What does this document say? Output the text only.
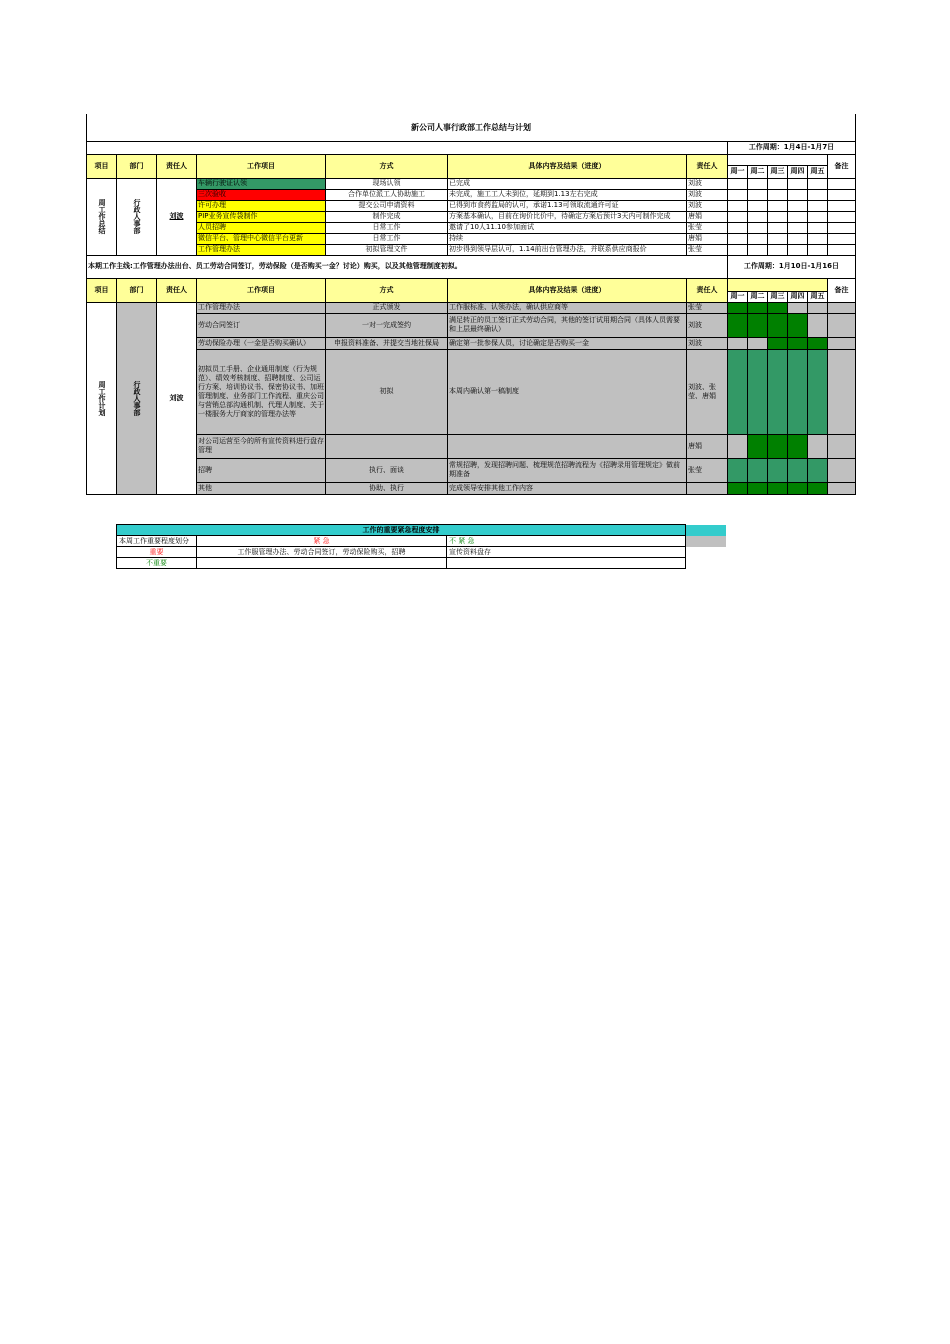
新公司人事行政部工作总结与计划												
							工作周期：1月4日-1月7日					
项目	部门	责任人	工作项目	方式	具体内容及结果（进度）	责任人						备注
							周一	周二	周三	周四	周五	

周工作总结	行政人事部	刘波	车辆行驶证认领	现场认领	已完成	刘波						
			三次验收	合作单位派工人协助施工	未完成，施工工人未到位，延期到1.13左右完成	刘波						
			许可办理	提交公司申请资料	已得到市食药监局的认可，承诺1.13可领取流通许可证	刘波						
			PIP业务宣传袋制作	制作完成	方案基本确认，目前在询价比价中，待确定方案后预计3天内可制作完成	唐娟						
			人员招聘	日常工作	邀请了10人11.10参加面试	张莹						
			微信平台、管理中心微信平台更新	日常工作	持续	唐娟						
			工作管理办法	初拟管理文件	初步得到领导层认可，1.14前出台管理办法，并联系供应商报价	张莹						
本期工作主线:工作管理办法出台、员工劳动合同签订，劳动保险（是否购买一金？讨论）购买，以及其他管理制度初拟。							工作周期：1月10日-1月16日					
项目	部门	责任人	工作项目	方式	具体内容及结果（进度）	责任人						备注
							周一	周二	周三	周四	周五	

周工作计划	行政人事部	刘波	工作管理办法	正式颁发	工作服标准、认领办法，确认供应商等	张莹						
			劳动合同签订	一对一完成签约	满足转正的员工签订正式劳动合同，其他的签订试用期合同（具体人员需要和上层最终确认）	刘波						
			劳动保险办理（一金是否购买确认）	申报资料准备、并提交当地社保局	确定第一批参保人员，讨论确定是否购买一金	刘波						
			初拟员工手册、企业通用制度（行为规范）、绩效考核制度、招聘制度、公司运行方案、培训协议书、保密协议书、加班管理制度、业务部门工作流程、重庆公司与营销总部沟通机制、代理人制度、关于一楼服务大厅商家的管理办法等	初拟	本周内确认第一稿制度	刘波、张莹、唐娟						
			对公司运营至今的所有宣传资料进行盘存管理			唐娟						
			招聘	执行、面谈	常规招聘，发现招聘问题、梳理规范招聘流程为《招聘录用管理规定》做前期准备	张莹						
			其他	协助、执行	完成领导安排其他工作内容							
工作的重要紧急程度安排			
本周工作重要程度划分	紧 急	不 紧 急	
重要	工作服管理办法、劳动合同签订，劳动保险购买，招聘	宣传资料盘存	
不重要			
